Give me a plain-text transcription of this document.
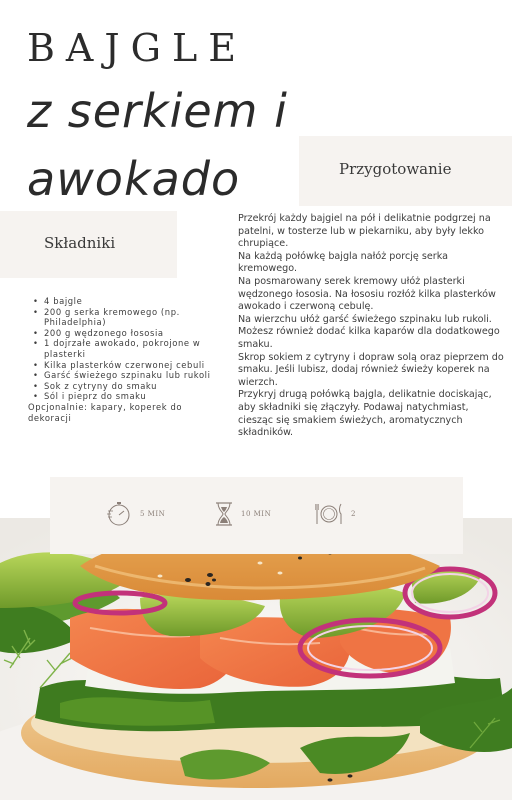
BAJGLE
z serkiem i
awokado	Przygotowanie
Składniki

Przekrój każdy bajgiel na pół i delikatnie podgrzej na patelni, w tosterze lub w piekarniku, aby były lekko chrupiące.

Na każdą połówkę bajgla nałóż porcję serka kremowego.

Na posmarowany serek kremowy ułóż plasterki wędzonego łososia. Na łososiu rozłóż kilka plasterków awokado i czerwoną cebulę.

Na wierzchu ułóż garść świeżego szpinaku lub rukoli. Możesz również dodać kilka kaparów dla dodatkowego smaku.

Skrop sokiem z cytryny i dopraw solą oraz pieprzem do smaku. Jeśli lubisz, dodaj również świeży koperek na wierzch.

Przykryj drugą połówką bajgla, delikatnie dociskając, aby składniki się złączyły. Podawaj natychmiast, ciesząc się smakiem świeżych, aromatycznych składników.

• 4 bajgle
• 200 g serka kremowego (np. Philadelphia)
• 200 g wędzonego łososia
• 1 dojrzałe awokado, pokrojone w plasterki
• Kilka plasterków czerwonej cebuli
• Garść świeżego szpinaku lub rukoli
• Sok z cytryny do smaku
• Sól i pieprz do smaku

Opcjonalnie: kapary, koperek do dekoracji

5 MIN	10 MIN	2
